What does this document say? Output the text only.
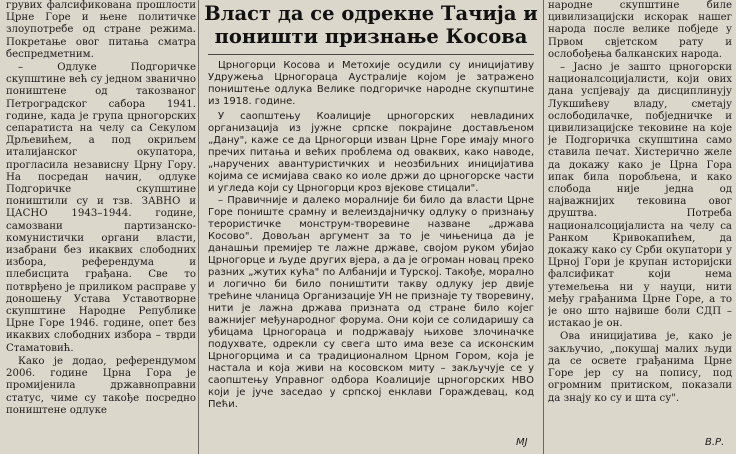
грувих фалсификована прошлости Црне Горе и њене политичке злоупотребе од стране режима. Покретање овог питања сматра беспредметним.

– Одлуке Подгоричке скупштине већ су једном званично поништене од такозваног Петроградског сабора 1941. године, када је група црногорских сепаратиста на челу са Секулом Дрљевићем, а под окриљем италијанског окупатора, прогласила независну Црну Гору. На посредан начин, одлуке Подгоричке скупштине поништили су и тзв. ЗАВНО и ЦАСНО 1943–1944. године, самозвани партизанско-комунистички органи власти, изабрани без икаквих слободних избора, референдума и плебисцита грађана. Све то потврђено је приликом расправе у доношењу Устава Уставотворне скупштине Народне Републике Црне Горе 1946. године, опет без икаквих слободних избора – тврди Стаматовић.

Како је додао, референдумом 2006. године Црна Гора је промијенила државноправни статус, чиме су такође посредно поништене одлуке

Власт да се одрекне Тачија и поништи признање Косова

Црногорци Косова и Метохије осудили су иницијативу Удружења Црногораца Аустралије којом је затражено поништење одлука Велике подгоричке народне скупштине из 1918. године.

У саопштењу Коалиције црногорских невладиних организација из јужне српске покрајине достављеном „Дану", каже се да Црногорци изван Црне Горе имају много пречих питања и већих проблема од оваквих, како наводе, „наручених авантуристичких и неозбиљних иницијатива којима се исмијава свако ко иоле држи до црногорске части и угледа који су Црногорци кроз вјекове стицали".

– Правичније и далеко моралније би било да власти Црне Горе пониште срамну и велеиздајничку одлуку о признању терористичке монструм-творевине назване „држава Косово". Довољан аргумент за то је чињеница да је данашњи премијер те лажне државе, својом руком убијао Црногорце и људе других вјера, а да је огроман новац преко разних „жутих кућа" по Албанији и Турској. Такође, морално и логично би било поништити такву одлуку јер двије трећине чланица Организације УН не признаје ту творевину, нити је лажна држава призната од стране било којег важнијег међународног форума. Они који се солидаришу са убицама Црногораца и подржавају њихове злочиначке подухвате, одрекли су свега што има везе са исконским Црногорцима и са традиционалном Црном Гором, која је настала и која живи на косовском миту – закључује се у саопштењу Управног одбора Коалиције црногорских НВО који је јуче заседао у српској енклави Гораждевац, код Пећи.

МЈ

народне скупштине биле цивилизацијски искорак нашег народа после велике побједе у Првом свјетском рату и ослобођења балканских народа.

– Јасно је зашто црногорски националсоцијалисти, који ових дана успјевају да дисциплинују Лукшићеву владу, сметају ослободилачке, побједничке и цивилизацијске тековине на које је Подгоричка скупштина само ставила печат. Хистерично желе да докажу како је Црна Гора ипак била поробљена, и како слобода није једна од најважнијих тековина овог друштва. Потреба националсоцијалиста на челу са Ранком Кривокапићем, да докажу како су Срби окупатори у Црној Гори је крупан историјски фалсификат који нема утемељења ни у науци, нити међу грађанима Црне Горе, а то је оно што највише боли СДП – истакао је он.

Ова иницијатива је, како је закључио, „покушај малих људи да се освете грађанима Црне Горе јер су на попису, под огромним притиском, показали да знају ко су и шта су".

В.Р.
